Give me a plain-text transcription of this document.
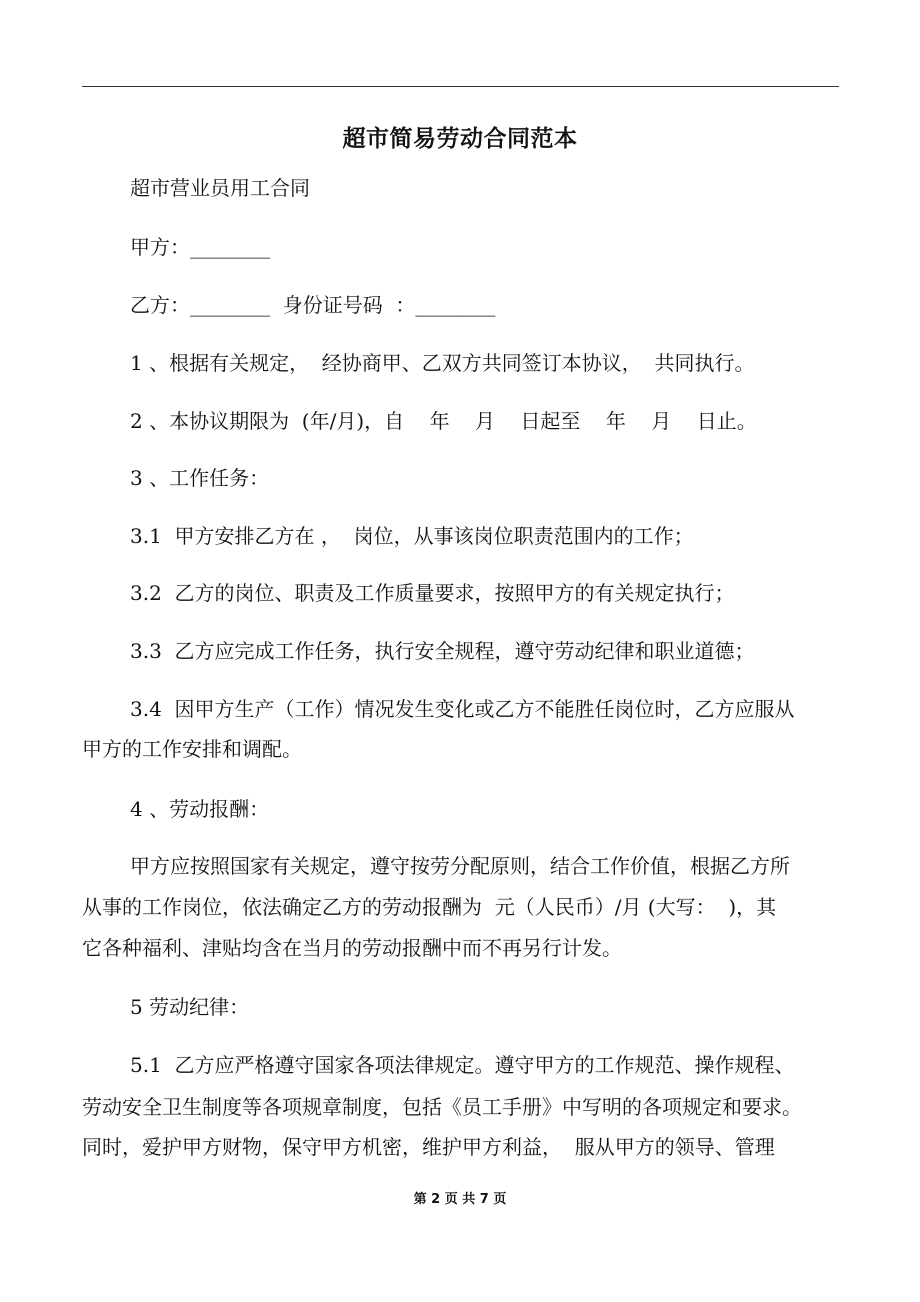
超市简易劳动合同范本
超市营业员用工合同
甲方：________
乙方：________  身份证号码  ：________
1 、根据有关规定，  经协商甲、乙双方共同签订本协议，  共同执行。
2 、本协议期限为  (年/月)，自    年    月    日起至    年    月    日止。
3 、工作任务：
3.1  甲方安排乙方在 ，  岗位，从事该岗位职责范围内的工作；
3.2  乙方的岗位、职责及工作质量要求，按照甲方的有关规定执行；
3.3  乙方应完成工作任务，执行安全规程，遵守劳动纪律和职业道德；
3.4  因甲方生产（工作）情况发生变化或乙方不能胜任岗位时，乙方应服从
甲方的工作安排和调配。
4 、劳动报酬：
甲方应按照国家有关规定，遵守按劳分配原则，结合工作价值，根据乙方所
从事的工作岗位，依法确定乙方的劳动报酬为  元（人民币）/月 (大写：  )，其
它各种福利、津贴均含在当月的劳动报酬中而不再另行计发。
5 劳动纪律：
5.1  乙方应严格遵守国家各项法律规定。遵守甲方的工作规范、操作规程、
劳动安全卫生制度等各项规章制度，包括《员工手册》中写明的各项规定和要求。
同时，爱护甲方财物，保守甲方机密，维护甲方利益，  服从甲方的领导、管理
第 2 页 共 7 页
